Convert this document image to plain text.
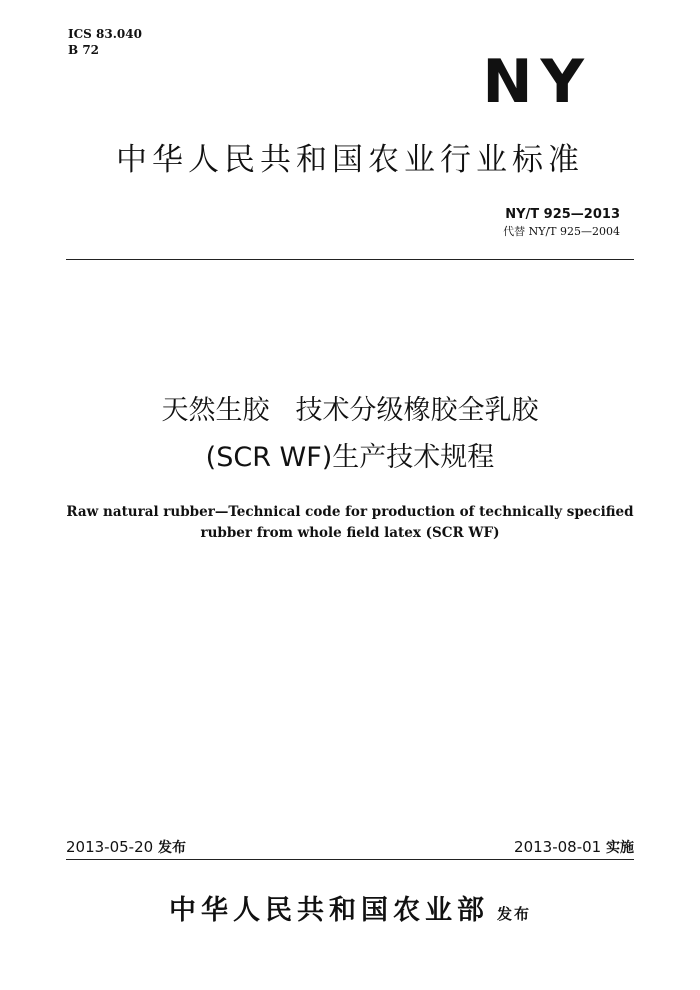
ICS 83.040
B 72	NY
中华人民共和国农业行业标准
NY/T 925—2013
代替 NY/T 925—2004
天然生胶 技术分级橡胶全乳胶
(SCR WF)生产技术规程
Raw natural rubber—Technical code for production of technically specified
rubber from whole field latex (SCR WF)
2013-05-20 发布	2013-08-01 实施
中华人民共和国农业部 发布
